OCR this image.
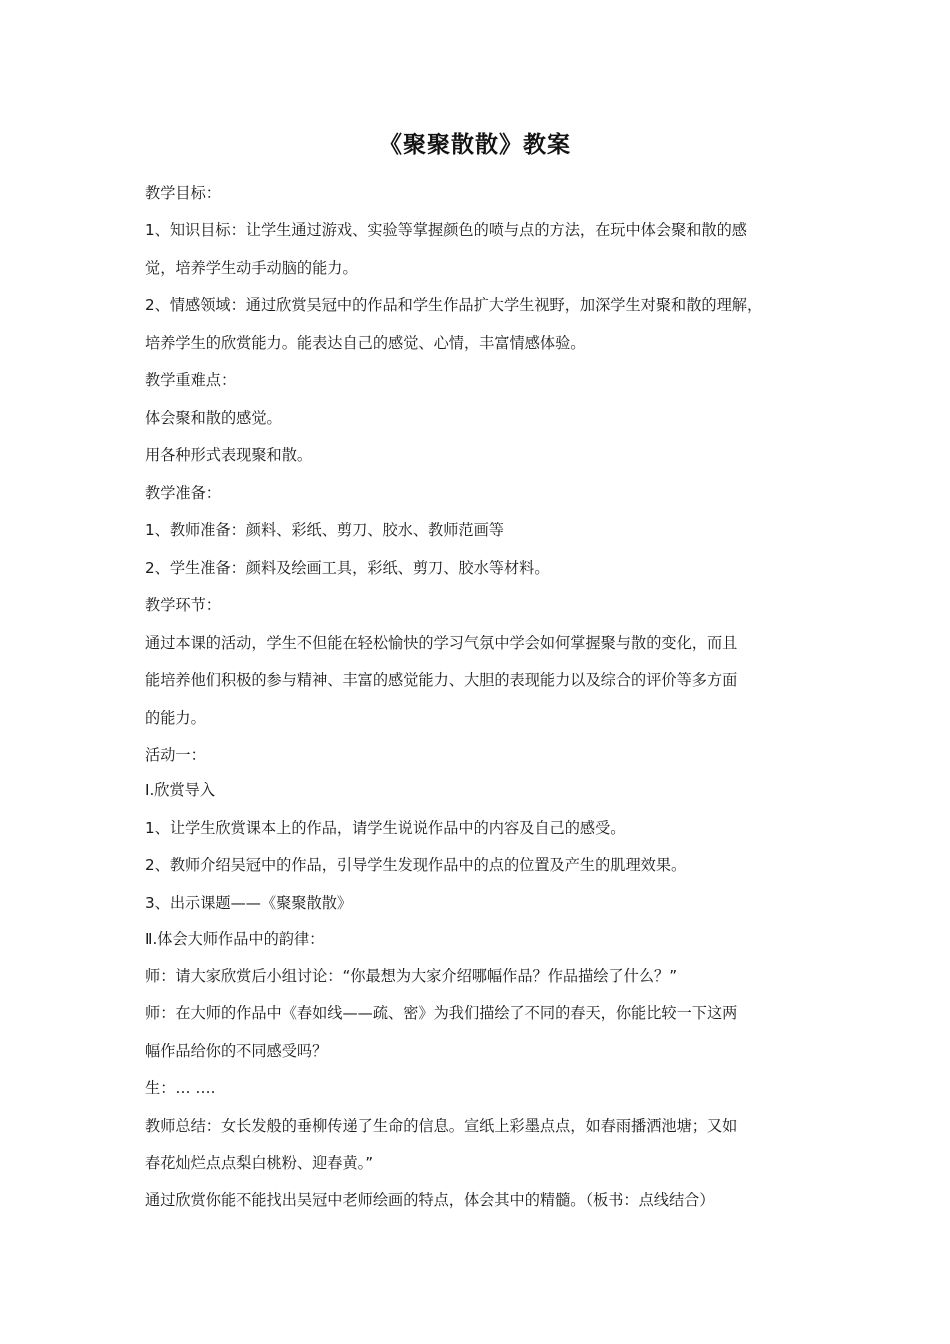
《聚聚散散》教案
教学目标：
1、知识目标：让学生通过游戏、实验等掌握颜色的喷与点的方法，在玩中体会聚和散的感
觉，培养学生动手动脑的能力。
2、情感领域：通过欣赏吴冠中的作品和学生作品扩大学生视野，加深学生对聚和散的理解，
培养学生的欣赏能力。能表达自己的感觉、心情，丰富情感体验。
教学重难点：
体会聚和散的感觉。
用各种形式表现聚和散。
教学准备：
1、教师准备：颜料、彩纸、剪刀、胶水、教师范画等
2、学生准备：颜料及绘画工具，彩纸、剪刀、胶水等材料。
教学环节：
通过本课的活动，学生不但能在轻松愉快的学习气氛中学会如何掌握聚与散的变化，而且
能培养他们积极的参与精神、丰富的感觉能力、大胆的表现能力以及综合的评价等多方面
的能力。
活动一：
Ⅰ.欣赏导入
1、让学生欣赏课本上的作品，请学生说说作品中的内容及自己的感受。
2、教师介绍吴冠中的作品，引导学生发现作品中的点的位置及产生的肌理效果。
3、出示课题——《聚聚散散》
Ⅱ.体会大师作品中的韵律：
师：请大家欣赏后小组讨论：“你最想为大家介绍哪幅作品？作品描绘了什么？”
师：在大师的作品中《春如线——疏、密》为我们描绘了不同的春天，你能比较一下这两
幅作品给你的不同感受吗？
生：… ….
教师总结：女长发般的垂柳传递了生命的信息。宣纸上彩墨点点，如春雨播洒池塘；又如
春花灿烂点点梨白桃粉、迎春黄。”
通过欣赏你能不能找出吴冠中老师绘画的特点，体会其中的精髓。（板书：点线结合）
